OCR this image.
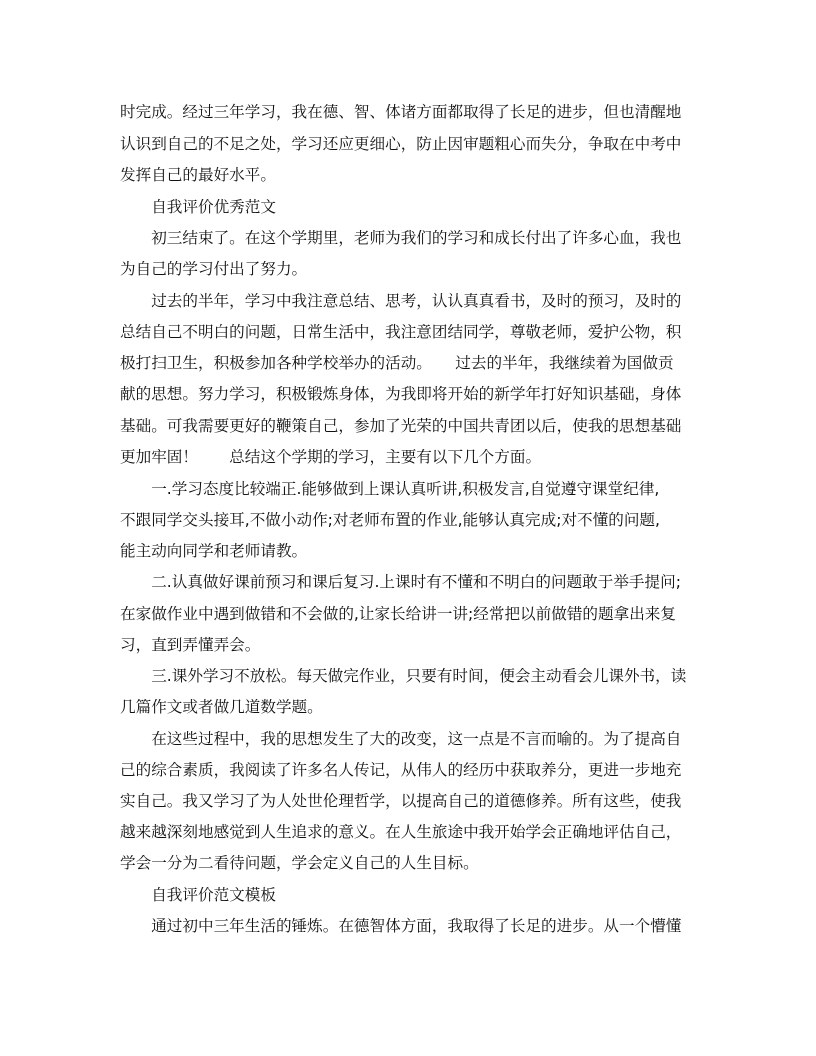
时完成。经过三年学习，我在德、智、体诸方面都取得了长足的进步，但也清醒地
认识到自己的不足之处，学习还应更细心，防止因审题粗心而失分，争取在中考中
发挥自己的最好水平。
　　自我评价优秀范文
　　初三结束了。在这个学期里，老师为我们的学习和成长付出了许多心血，我也
为自己的学习付出了努力。
　　过去的半年，学习中我注意总结、思考，认认真真看书，及时的预习，及时的
总结自己不明白的问题，日常生活中，我注意团结同学，尊敬老师，爱护公物，积
极打扫卫生，积极参加各种学校举办的活动。　　过去的半年，我继续着为国做贡
献的思想。努力学习，积极锻炼身体，为我即将开始的新学年打好知识基础，身体
基础。可我需要更好的鞭策自己，参加了光荣的中国共青团以后，使我的思想基础
更加牢固！　　总结这个学期的学习，主要有以下几个方面。
　　一.学习态度比较端正.能够做到上课认真听讲,积极发言,自觉遵守课堂纪律,
不跟同学交头接耳,不做小动作;对老师布置的作业,能够认真完成;对不懂的问题,
能主动向同学和老师请教。
　　二.认真做好课前预习和课后复习.上课时有不懂和不明白的问题敢于举手提问;
在家做作业中遇到做错和不会做的,让家长给讲一讲;经常把以前做错的题拿出来复
习，直到弄懂弄会。
　　三.课外学习不放松。每天做完作业，只要有时间，便会主动看会儿课外书，读
几篇作文或者做几道数学题。
　　在这些过程中，我的思想发生了大的改变，这一点是不言而喻的。为了提高自
己的综合素质，我阅读了许多名人传记，从伟人的经历中获取养分，更进一步地充
实自己。我又学习了为人处世伦理哲学，以提高自己的道德修养。所有这些，使我
越来越深刻地感觉到人生追求的意义。在人生旅途中我开始学会正确地评估自己，
学会一分为二看待问题，学会定义自己的人生目标。
　　自我评价范文模板
　　通过初中三年生活的锤炼。在德智体方面，我取得了长足的进步。从一个懵懂
